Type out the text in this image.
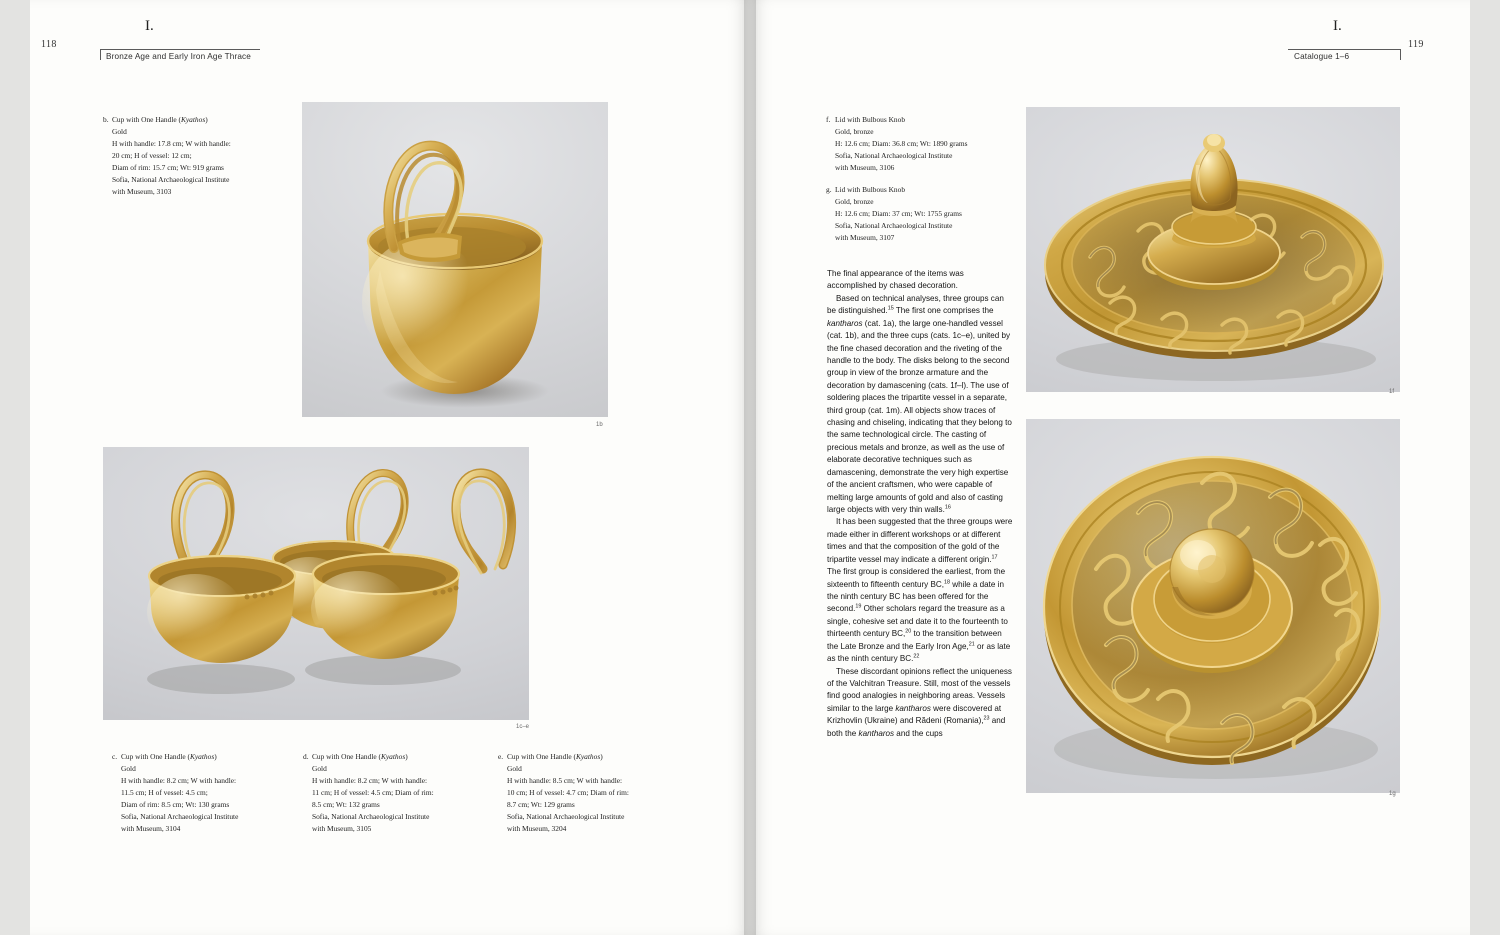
118
I.
Bronze Age and Early Iron Age Thrace
I.
119
Catalogue 1–6
b. Cup with One Handle (Kyathos)
Gold
H with handle: 17.8 cm; W with handle:
20 cm; H of vessel: 12 cm;
Diam of rim: 15.7 cm; Wt: 919 grams
Sofia, National Archaeological Institute
with Museum, 3103
1b
1c–e
c. Cup with One Handle (Kyathos)
Gold
H with handle: 8.2 cm; W with handle:
11.5 cm; H of vessel: 4.5 cm;
Diam of rim: 8.5 cm; Wt: 130 grams
Sofia, National Archaeological Institute
with Museum, 3104
d. Cup with One Handle (Kyathos)
Gold
H with handle: 8.2 cm; W with handle:
11 cm; H of vessel: 4.5 cm; Diam of rim:
8.5 cm; Wt: 132 grams
Sofia, National Archaeological Institute
with Museum, 3105
e. Cup with One Handle (Kyathos)
Gold
H with handle: 8.5 cm; W with handle:
10 cm; H of vessel: 4.7 cm; Diam of rim:
8.7 cm; Wt: 129 grams
Sofia, National Archaeological Institute
with Museum, 3204
f. Lid with Bulbous Knob
Gold, bronze
H: 12.6 cm; Diam: 36.8 cm; Wt: 1890 grams
Sofia, National Archaeological Institute
with Museum, 3106
g. Lid with Bulbous Knob
Gold, bronze
H: 12.6 cm; Diam: 37 cm; Wt: 1755 grams
Sofia, National Archaeological Institute
with Museum, 3107

The final appearance of the items was accomplished by chased decoration.

Based on technical analyses, three groups can be distinguished.$^{15}$ The first one comprises the kantharos (cat. 1a), the large one-handled vessel (cat. 1b), and the three cups (cats. 1c–e), united by the fine chased decoration and the riveting of the handle to the body. The disks belong to the second group in view of the bronze armature and the decoration by damascening (cats. 1f–l). The use of soldering places the tripartite vessel in a separate, third group (cat. 1m). All objects show traces of chasing and chiseling, indicating that they belong to the same technological circle. The casting of precious metals and bronze, as well as the use of elaborate decorative techniques such as damascening, demonstrate the very high expertise of the ancient craftsmen, who were capable of melting large amounts of gold and also of casting large objects with very thin walls.$^{16}$

It has been suggested that the three groups were made either in different workshops or at different times and that the composition of the gold of the tripartite vessel may indicate a different origin.$^{17}$ The first group is considered the earliest, from the sixteenth to fifteenth century BC,$^{18}$ while a date in the ninth century BC has been offered for the second.$^{19}$ Other scholars regard the treasure as a single, cohesive set and date it to the fourteenth to thirteenth century BC,$^{20}$ to the transition between the Late Bronze and the Early Iron Age,$^{21}$ or as late as the ninth century BC.$^{22}$

These discordant opinions reflect the uniqueness of the Valchitran Treasure. Still, most of the vessels find good analogies in neighboring areas. Vessels similar to the large kantharos were discovered at Krizhovlin (Ukraine) and Rădeni (Romania),$^{23}$ and both the kantharos and the cups

1f
1g
